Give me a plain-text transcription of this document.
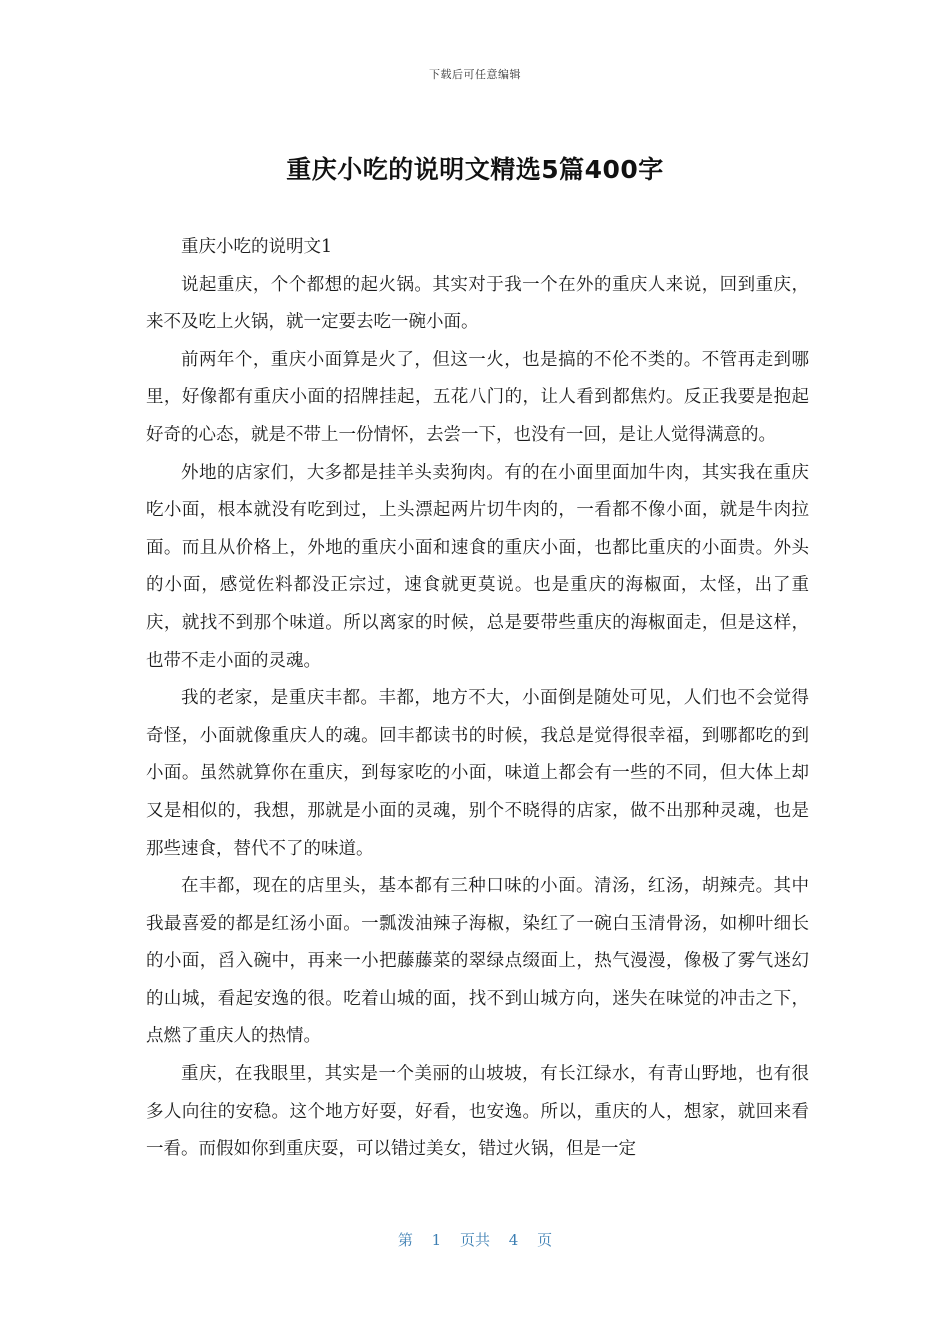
下载后可任意编辑
重庆小吃的说明文精选5篇400字

重庆小吃的说明文1

说起重庆，个个都想的起火锅。其实对于我一个在外的重庆人来说，回到重庆，来不及吃上火锅，就一定要去吃一碗小面。

前两年个，重庆小面算是火了，但这一火，也是搞的不伦不类的。不管再走到哪里，好像都有重庆小面的招牌挂起，五花八门的，让人看到都焦灼。反正我要是抱起好奇的心态，就是不带上一份情怀，去尝一下，也没有一回，是让人觉得满意的。

外地的店家们，大多都是挂羊头卖狗肉。有的在小面里面加牛肉，其实我在重庆吃小面，根本就没有吃到过，上头漂起两片切牛肉的，一看都不像小面，就是牛肉拉面。而且从价格上，外地的重庆小面和速食的重庆小面，也都比重庆的小面贵。外头的小面，感觉佐料都没正宗过，速食就更莫说。也是重庆的海椒面，太怪，出了重庆，就找不到那个味道。所以离家的时候，总是要带些重庆的海椒面走，但是这样，也带不走小面的灵魂。

我的老家，是重庆丰都。丰都，地方不大，小面倒是随处可见，人们也不会觉得奇怪，小面就像重庆人的魂。回丰都读书的时候，我总是觉得很幸福，到哪都吃的到小面。虽然就算你在重庆，到每家吃的小面，味道上都会有一些的不同，但大体上却又是相似的，我想，那就是小面的灵魂，别个不晓得的店家，做不出那种灵魂，也是那些速食，替代不了的味道。

在丰都，现在的店里头，基本都有三种口味的小面。清汤，红汤，胡辣壳。其中我最喜爱的都是红汤小面。一瓢泼油辣子海椒，染红了一碗白玉清骨汤，如柳叶细长的小面，舀入碗中，再来一小把藤藤菜的翠绿点缀面上，热气漫漫，像极了雾气迷幻的山城，看起安逸的很。吃着山城的面，找不到山城方向，迷失在味觉的冲击之下，点燃了重庆人的热情。

重庆，在我眼里，其实是一个美丽的山坡坡，有长江绿水，有青山野地，也有很多人向往的安稳。这个地方好耍，好看，也安逸。所以，重庆的人，想家，就回来看一看。而假如你到重庆耍，可以错过美女，错过火锅，但是一定

第 1 页共 4 页
